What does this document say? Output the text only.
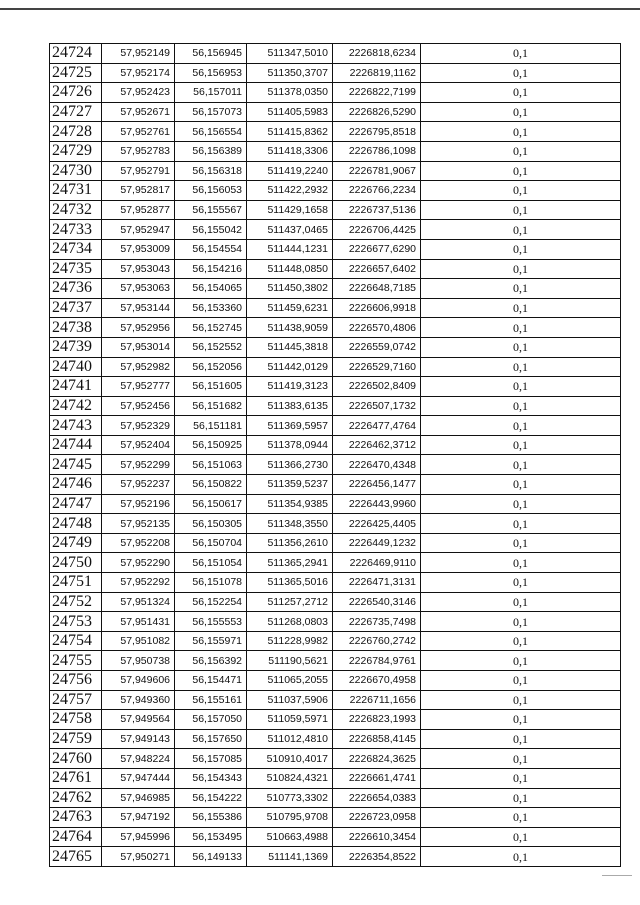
24724	57,952149	56,156945	511347,5010	2226818,6234	0,1
24725	57,952174	56,156953	511350,3707	2226819,1162	0,1
24726	57,952423	56,157011	511378,0350	2226822,7199	0,1
24727	57,952671	56,157073	511405,5983	2226826,5290	0,1
24728	57,952761	56,156554	511415,8362	2226795,8518	0,1
24729	57,952783	56,156389	511418,3306	2226786,1098	0,1
24730	57,952791	56,156318	511419,2240	2226781,9067	0,1
24731	57,952817	56,156053	511422,2932	2226766,2234	0,1
24732	57,952877	56,155567	511429,1658	2226737,5136	0,1
24733	57,952947	56,155042	511437,0465	2226706,4425	0,1
24734	57,953009	56,154554	511444,1231	2226677,6290	0,1
24735	57,953043	56,154216	511448,0850	2226657,6402	0,1
24736	57,953063	56,154065	511450,3802	2226648,7185	0,1
24737	57,953144	56,153360	511459,6231	2226606,9918	0,1
24738	57,952956	56,152745	511438,9059	2226570,4806	0,1
24739	57,953014	56,152552	511445,3818	2226559,0742	0,1
24740	57,952982	56,152056	511442,0129	2226529,7160	0,1
24741	57,952777	56,151605	511419,3123	2226502,8409	0,1
24742	57,952456	56,151682	511383,6135	2226507,1732	0,1
24743	57,952329	56,151181	511369,5957	2226477,4764	0,1
24744	57,952404	56,150925	511378,0944	2226462,3712	0,1
24745	57,952299	56,151063	511366,2730	2226470,4348	0,1
24746	57,952237	56,150822	511359,5237	2226456,1477	0,1
24747	57,952196	56,150617	511354,9385	2226443,9960	0,1
24748	57,952135	56,150305	511348,3550	2226425,4405	0,1
24749	57,952208	56,150704	511356,2610	2226449,1232	0,1
24750	57,952290	56,151054	511365,2941	2226469,9110	0,1
24751	57,952292	56,151078	511365,5016	2226471,3131	0,1
24752	57,951324	56,152254	511257,2712	2226540,3146	0,1
24753	57,951431	56,155553	511268,0803	2226735,7498	0,1
24754	57,951082	56,155971	511228,9982	2226760,2742	0,1
24755	57,950738	56,156392	511190,5621	2226784,9761	0,1
24756	57,949606	56,154471	511065,2055	2226670,4958	0,1
24757	57,949360	56,155161	511037,5906	2226711,1656	0,1
24758	57,949564	56,157050	511059,5971	2226823,1993	0,1
24759	57,949143	56,157650	511012,4810	2226858,4145	0,1
24760	57,948224	56,157085	510910,4017	2226824,3625	0,1
24761	57,947444	56,154343	510824,4321	2226661,4741	0,1
24762	57,946985	56,154222	510773,3302	2226654,0383	0,1
24763	57,947192	56,155386	510795,9708	2226723,0958	0,1
24764	57,945996	56,153495	510663,4988	2226610,3454	0,1
24765	57,950271	56,149133	511141,1369	2226354,8522	0,1
